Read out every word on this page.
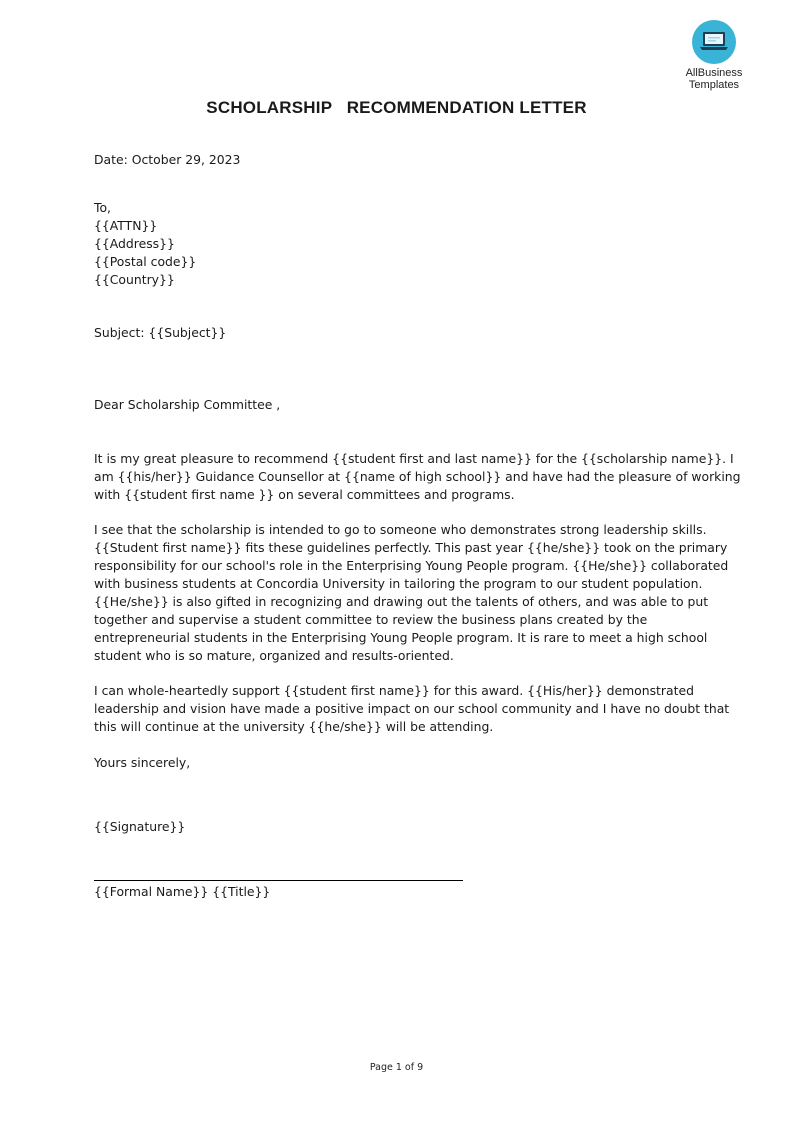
AllBusiness
Templates
SCHOLARSHIP   RECOMMENDATION LETTER
Date: October 29, 2023
To,
{{ATTN}}
{{Address}}
{{Postal code}}
{{Country}}
Subject: {{Subject}}
Dear Scholarship Committee ,
It is my great pleasure to recommend {{student first and last name}} for the {{scholarship name}}. I
am {{his/her}} Guidance Counsellor at {{name of high school}} and have had the pleasure of working
with {{student first name }} on several committees and programs.
I see that the scholarship is intended to go to someone who demonstrates strong leadership skills.
{{Student first name}} fits these guidelines perfectly. This past year {{he/she}} took on the primary
responsibility for our school's role in the Enterprising Young People program. {{He/she}} collaborated
with business students at Concordia University in tailoring the program to our student population.
{{He/she}} is also gifted in recognizing and drawing out the talents of others, and was able to put
together and supervise a student committee to review the business plans created by the
entrepreneurial students in the Enterprising Young People program. It is rare to meet a high school
student who is so mature, organized and results-oriented.
I can whole-heartedly support {{student first name}} for this award. {{His/her}} demonstrated
leadership and vision have made a positive impact on our school community and I have no doubt that
this will continue at the university {{he/she}} will be attending.
Yours sincerely,
{{Signature}}
{{Formal Name}} {{Title}}
Page 1 of 9
